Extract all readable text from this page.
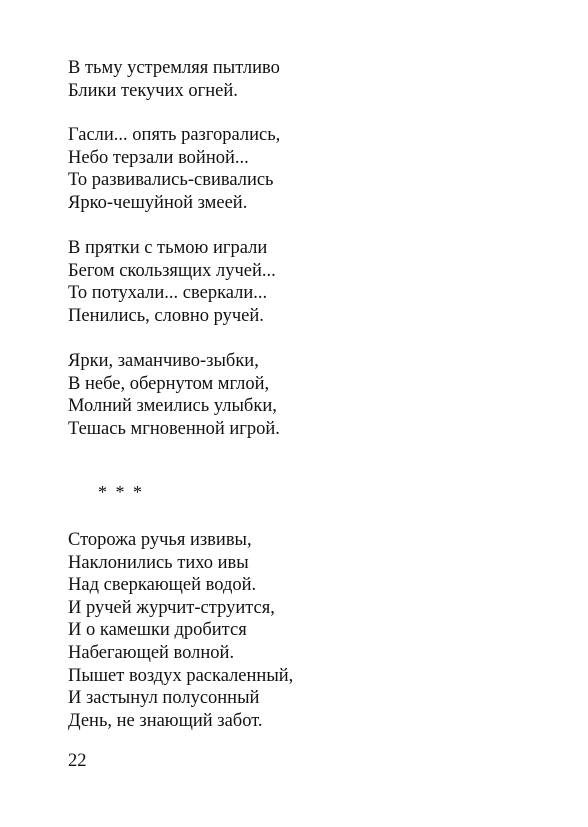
В тьму устремляя пытливо
Блики текучих огней.
Гасли... опять разгорались,
Небо терзали войной...
То развивались-свивались
Ярко-чешуйной змеей.
В прятки с тьмою играли
Бегом скользящих лучей...
То потухали... сверкали...
Пенились, словно ручей.
Ярки, заманчиво-зыбки,
В небе, обернутом мглой,
Молний змеились улыбки,
Тешась мгновенной игрой.
* * *
Сторожа ручья извивы,
Наклонились тихо ивы
Над сверкающей водой.
И ручей журчит-струится,
И о камешки дробится
Набегающей волной.
Пышет воздух раскаленный,
И застынул полусонный
День, не знающий забот.
22
